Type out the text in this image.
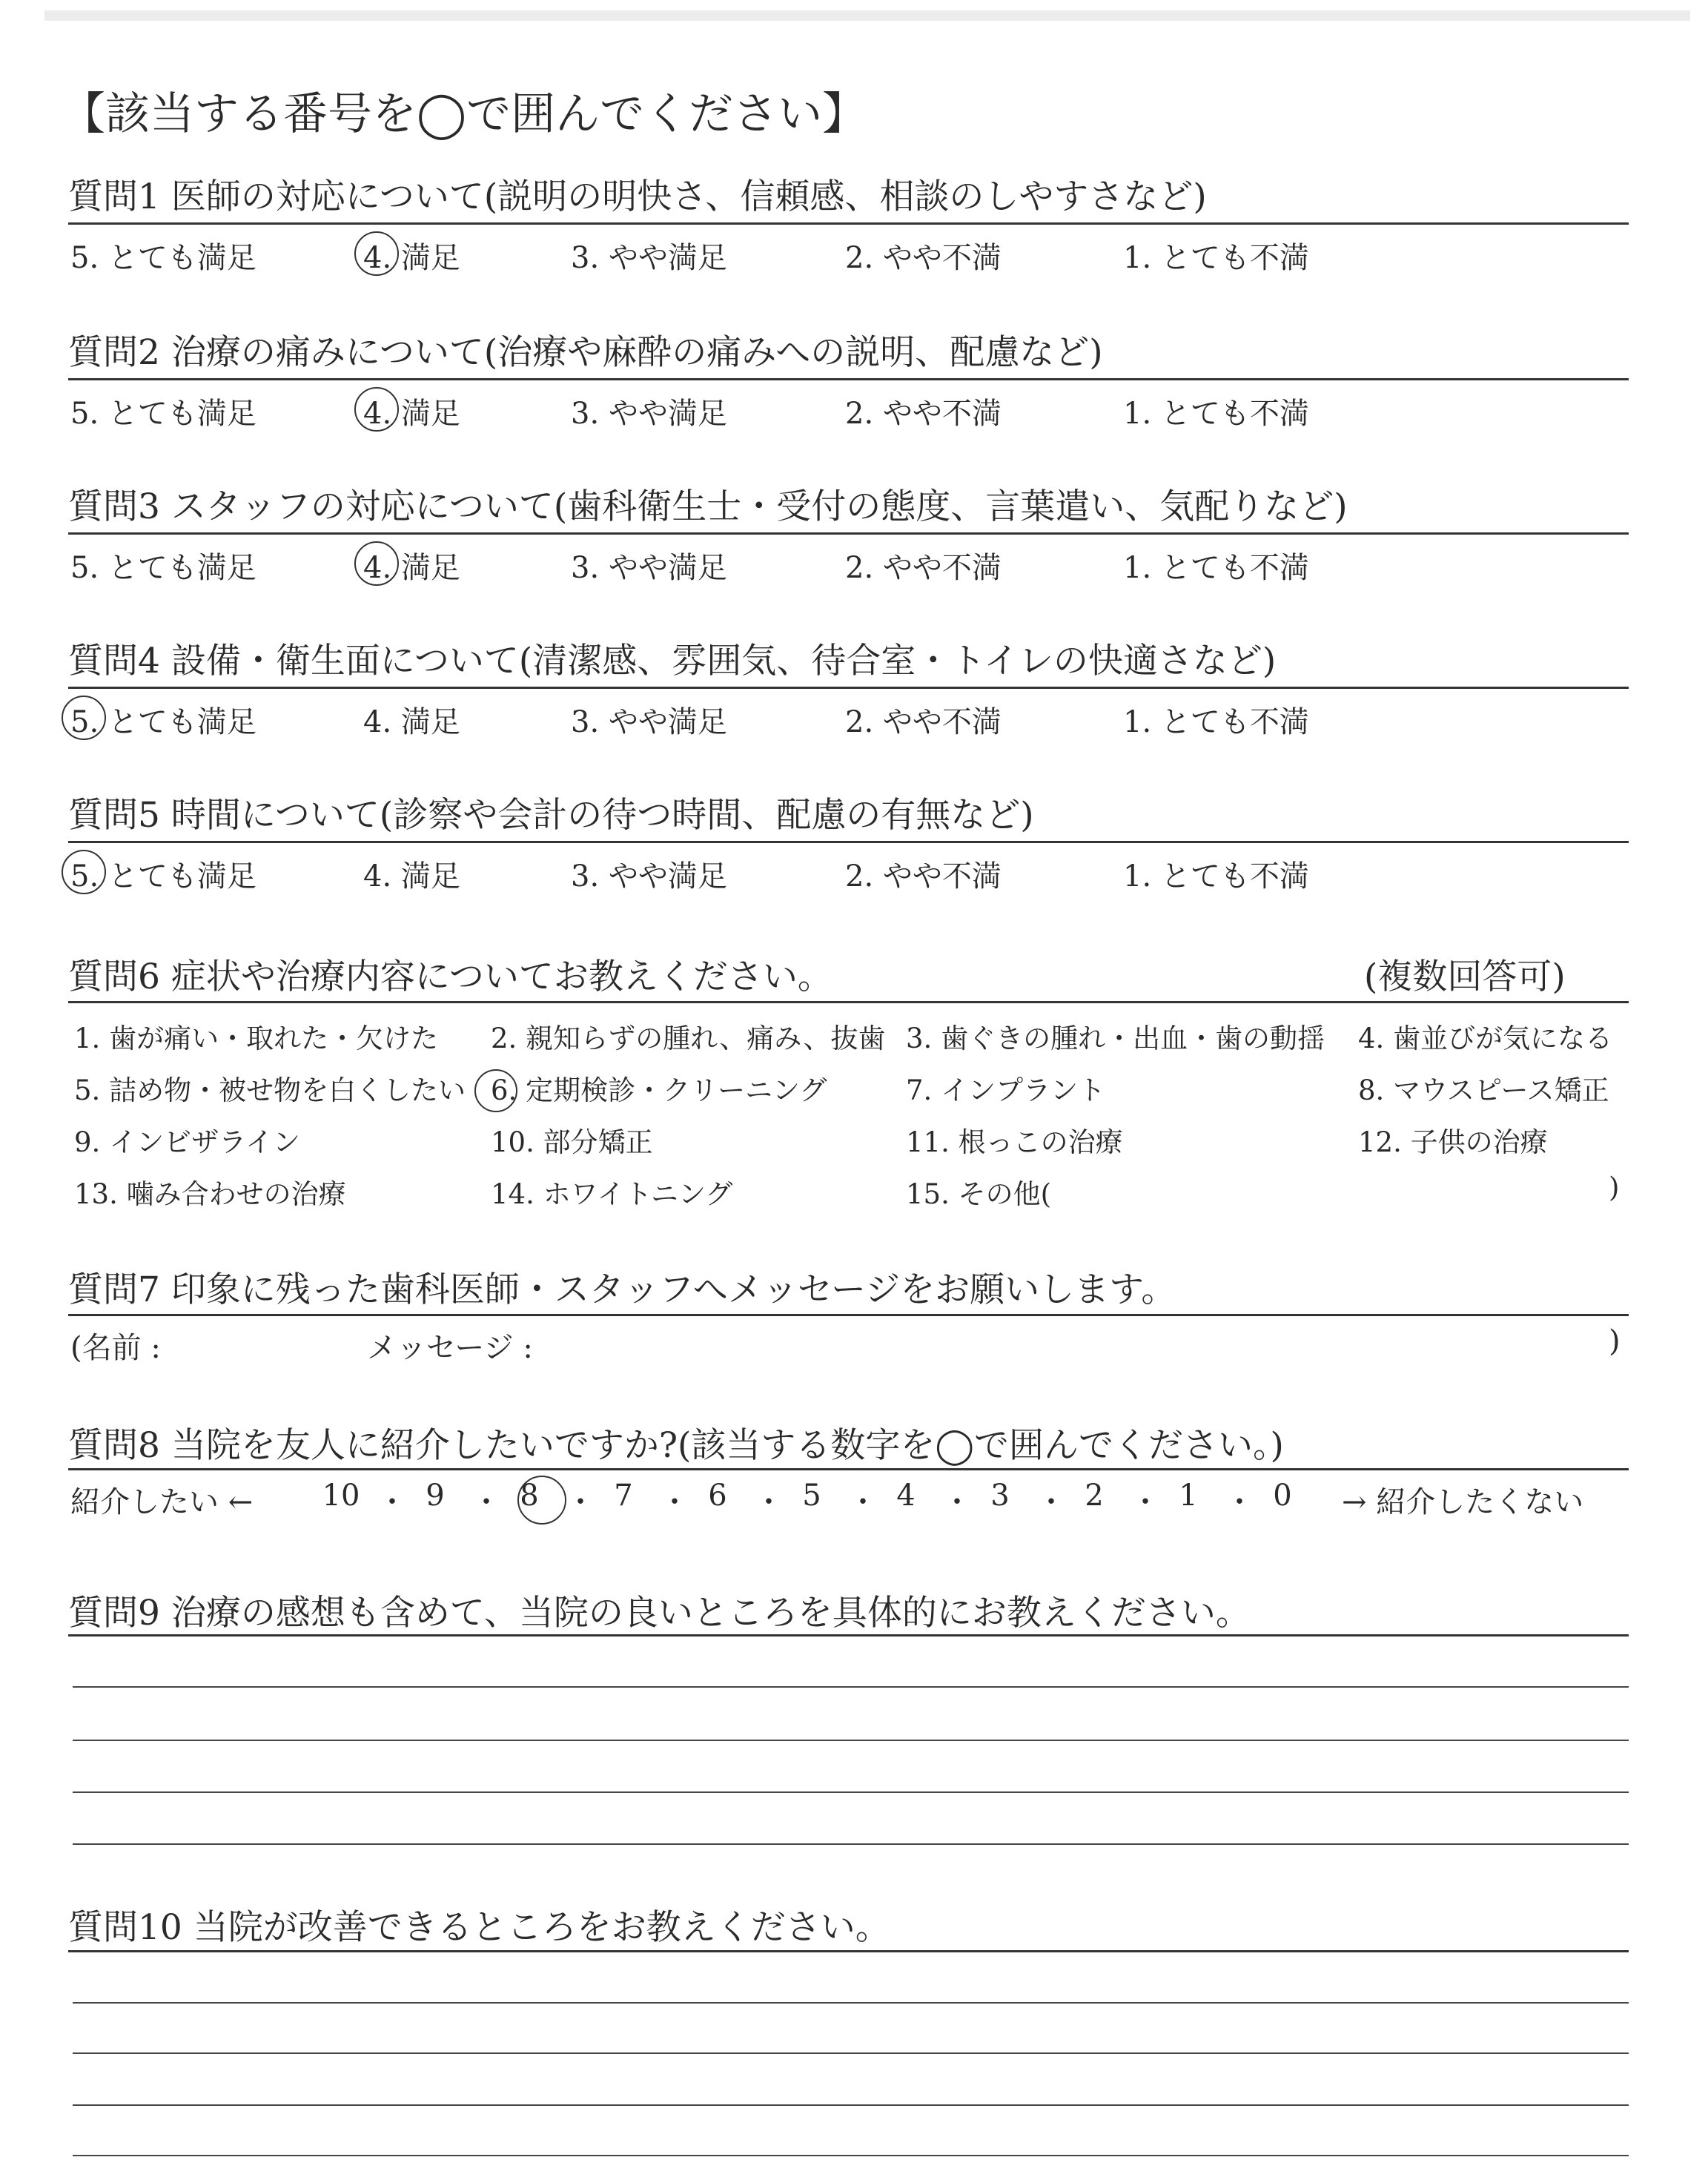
【該当する番号を◯で囲んでください】
質問1 医師の対応について(説明の明快さ、信頼感、相談のしやすさなど)
5. とても満足	4. 満足	3. やや満足	2. やや不満	1. とても不満
質問2 治療の痛みについて(治療や麻酔の痛みへの説明、配慮など)
5. とても満足	4. 満足	3. やや満足	2. やや不満	1. とても不満
質問3 スタッフの対応について(歯科衛生士・受付の態度、言葉遣い、気配りなど)
5. とても満足	4. 満足	3. やや満足	2. やや不満	1. とても不満
質問4 設備・衛生面について(清潔感、雰囲気、待合室・トイレの快適さなど)
5. とても満足	4. 満足	3. やや満足	2. やや不満	1. とても不満
質問5 時間について(診察や会計の待つ時間、配慮の有無など)
5. とても満足	4. 満足	3. やや満足	2. やや不満	1. とても不満
質問6 症状や治療内容についてお教えください。	(複数回答可)
1. 歯が痛い・取れた・欠けた 2. 親知らずの腫れ、痛み、抜歯 3. 歯ぐきの腫れ・出血・歯の動揺 4. 歯並びが気になる
5. 詰め物・被せ物を白くしたい 6. 定期検診・クリーニング	7. インプラント	8. マウスピース矯正
9. インビザライン	10. 部分矯正	11. 根っこの治療	12. 子供の治療
13. 噛み合わせの治療	14. ホワイトニング	15. その他(	)
質問7 印象に残った歯科医師・スタッフへメッセージをお願いします。
(名前 :	メッセージ :	)
質問8 当院を友人に紹介したいですか?(該当する数字を◯で囲んでください。)
紹介したい ←	→ 紹介したくない
10 ・ 9 ・ 8 ・ 7 ・ 6 ・ 5 ・ 4 ・ 3 ・ 2 ・ 1 ・ 0
質問9 治療の感想も含めて、当院の良いところを具体的にお教えください。
質問10 当院が改善できるところをお教えください。
